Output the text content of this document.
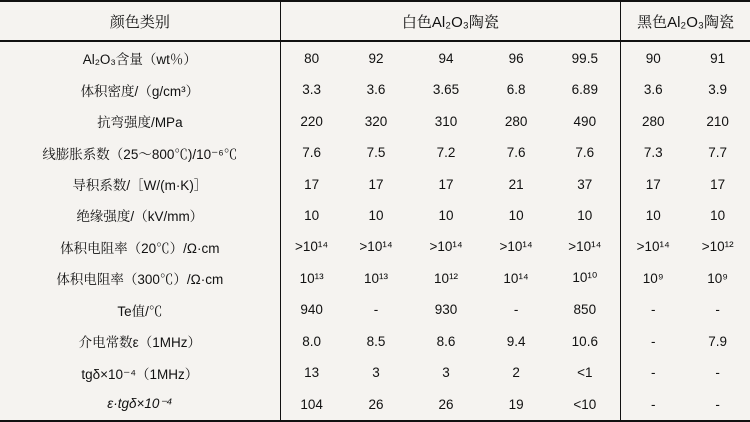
颜色类别	白色Al₂O₃陶瓷					黑色Al₂O₃陶瓷	
Al₂O₃含量（wt％）	80	92	94	96	99.5	90	91
体积密度/（g/cm³）	3.3	3.6	3.65	6.8	6.89	3.6	3.9
抗弯强度/MPa	220	320	310	280	490	280	210
线膨胀系数（25～800℃)/10⁻⁶℃	7.6	7.5	7.2	7.6	7.6	7.3	7.7
导积系数/［W/(m·K)］	17	17	17	21	37	17	17
绝缘强度/（kV/mm）	10	10	10	10	10	10	10
体积电阻率（20℃）/Ω·cm	>10¹⁴	>10¹⁴	>10¹⁴	>10¹⁴	>10¹⁴	>10¹⁴	>10¹²
体积电阻率（300℃）/Ω·cm	10¹³	10¹³	10¹²	10¹⁴	10¹⁰	10⁹	10⁹
Te值/℃	940	-	930	-	850	-	-
介电常数ε（1MHz）	8.0	8.5	8.6	9.4	10.6	-	7.9
tgδ×10⁻⁴（1MHz）	13	3	3	2	<1	-	-
ε·tgδ×10⁻⁴	104	26	26	19	<10	-	-
